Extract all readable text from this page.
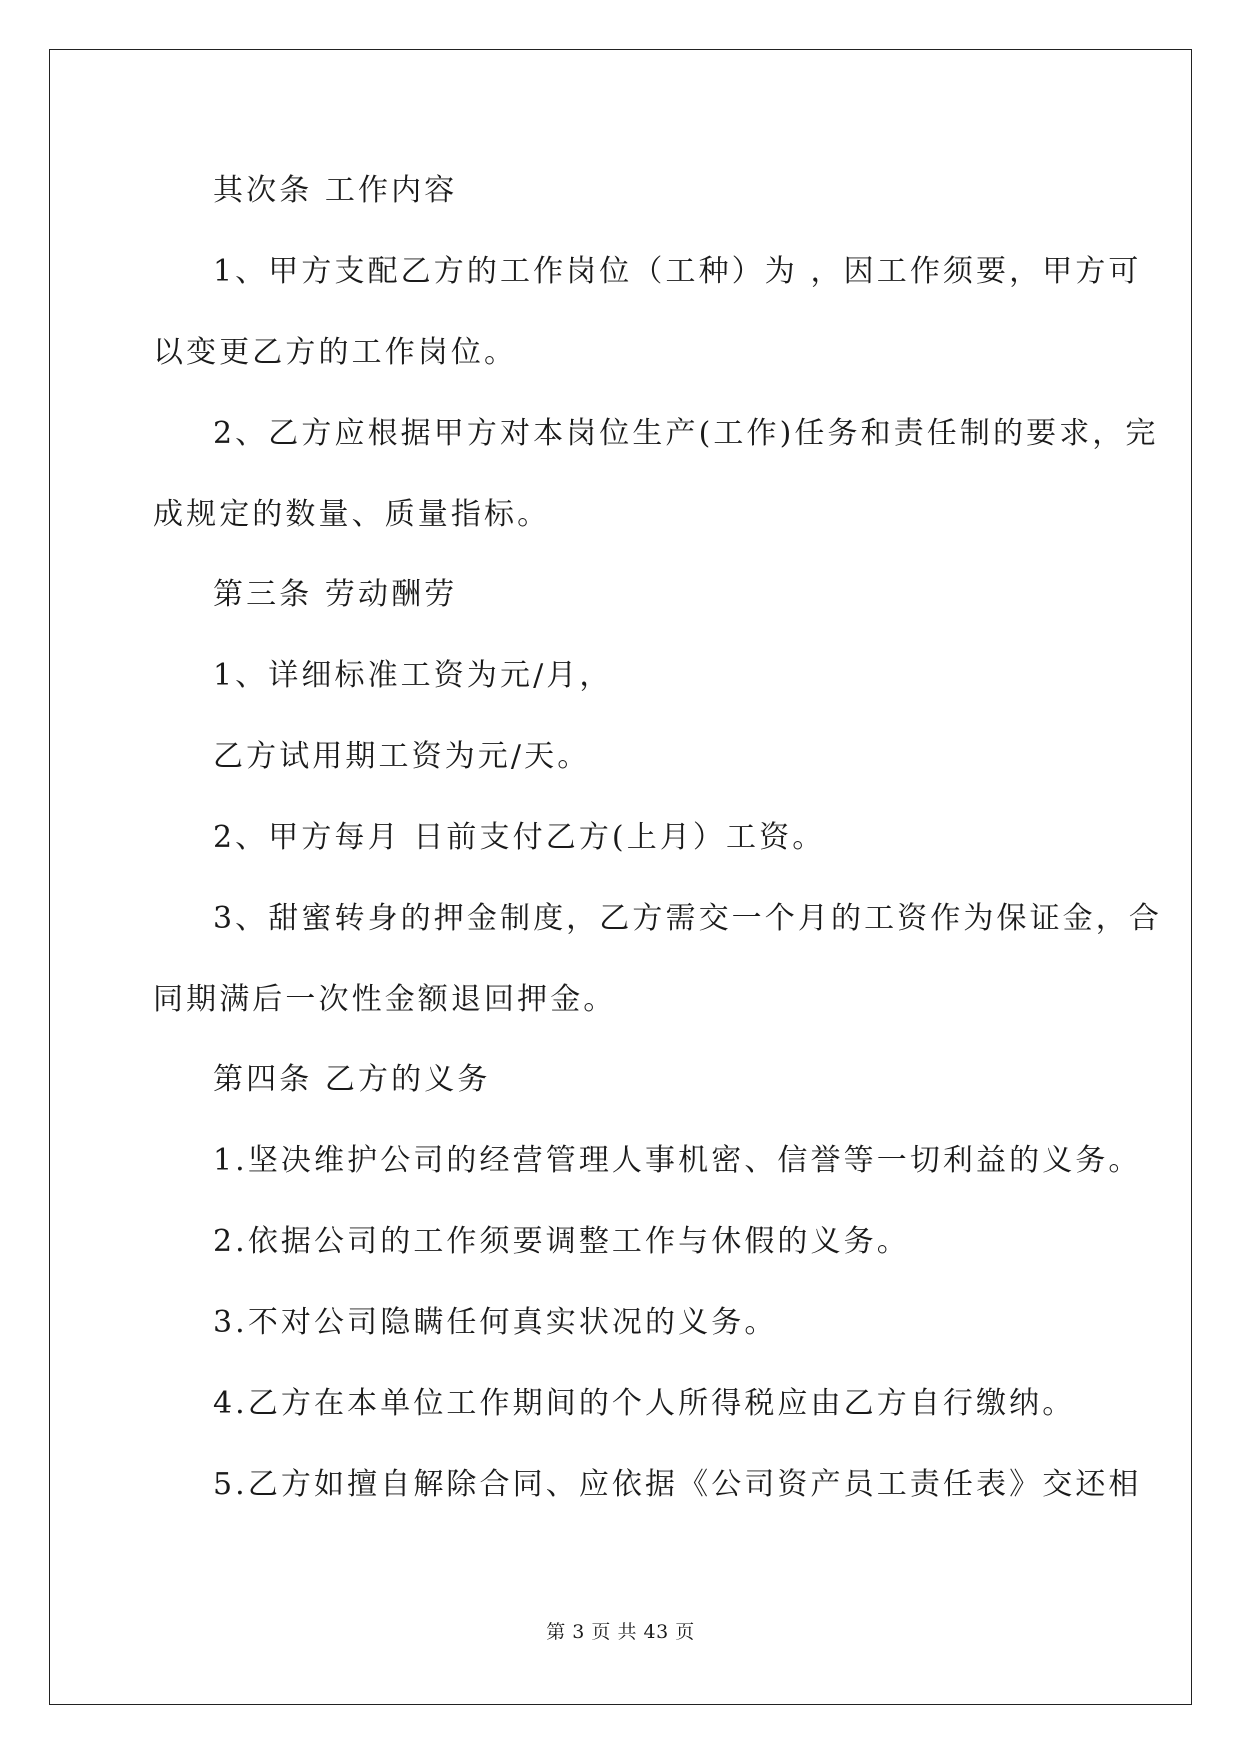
其次条 工作内容

1、甲方支配乙方的工作岗位（工种）为 ，因工作须要，甲方可

以变更乙方的工作岗位。

2、乙方应根据甲方对本岗位生产(工作)任务和责任制的要求，完

成规定的数量、质量指标。

第三条 劳动酬劳

1、详细标准工资为元/月，

乙方试用期工资为元/天。

2、甲方每月 日前支付乙方(上月）工资。

3、甜蜜转身的押金制度，乙方需交一个月的工资作为保证金，合

同期满后一次性金额退回押金。

第四条 乙方的义务

1.坚决维护公司的经营管理人事机密、信誉等一切利益的义务。

2.依据公司的工作须要调整工作与休假的义务。

3.不对公司隐瞒任何真实状况的义务。

4.乙方在本单位工作期间的个人所得税应由乙方自行缴纳。

5.乙方如擅自解除合同、应依据《公司资产员工责任表》交还相

第 3 页 共 43 页
